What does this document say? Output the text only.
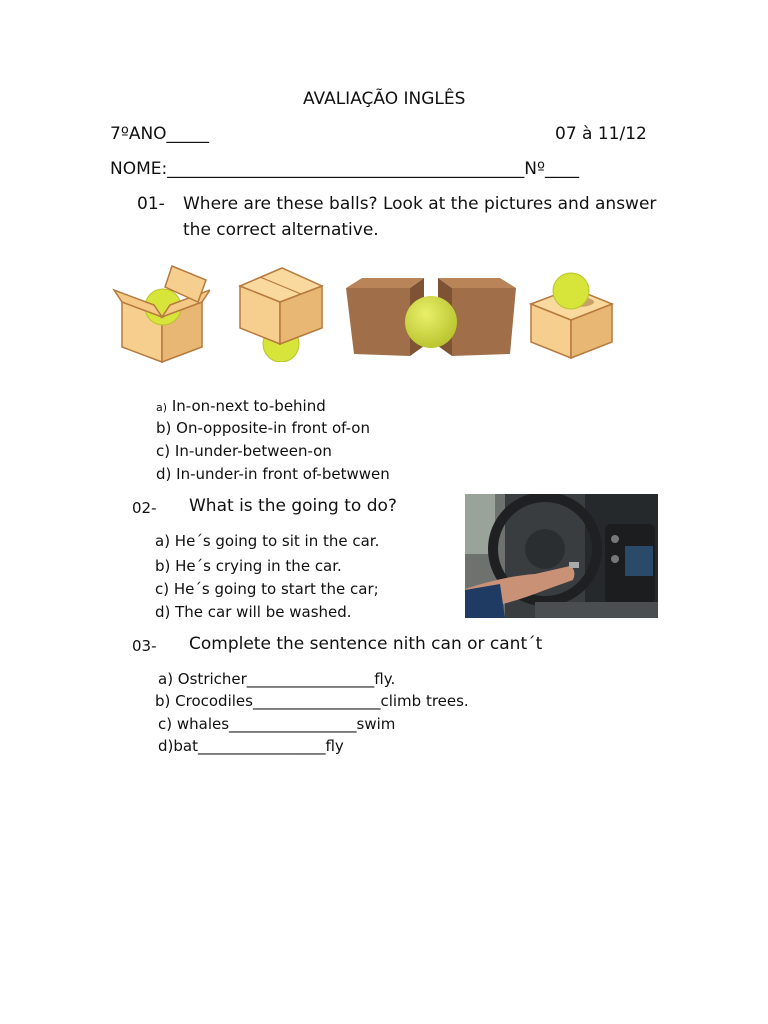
AVALIAÇÃO INGLÊS
7ºANO_____	07 à 11/12
NOME:__________________________________________Nº____
01- Where are these balls? Look at the pictures and answer
the correct alternative.
a) In-on-next to-behind
b) On-opposite-in front of-on
c) In-under-between-on
d) In-under-in front of-betwwen
02- What is the going to do?
a) He´s going to sit in the car.
b) He´s crying in the car.
c) He´s going to start the car;
d) The car will be washed.
03- Complete the sentence nith can or cant´t
a) Ostricher_________________fly.
b) Crocodiles_________________climb trees.
c) whales_________________swim
d)bat_________________fly
